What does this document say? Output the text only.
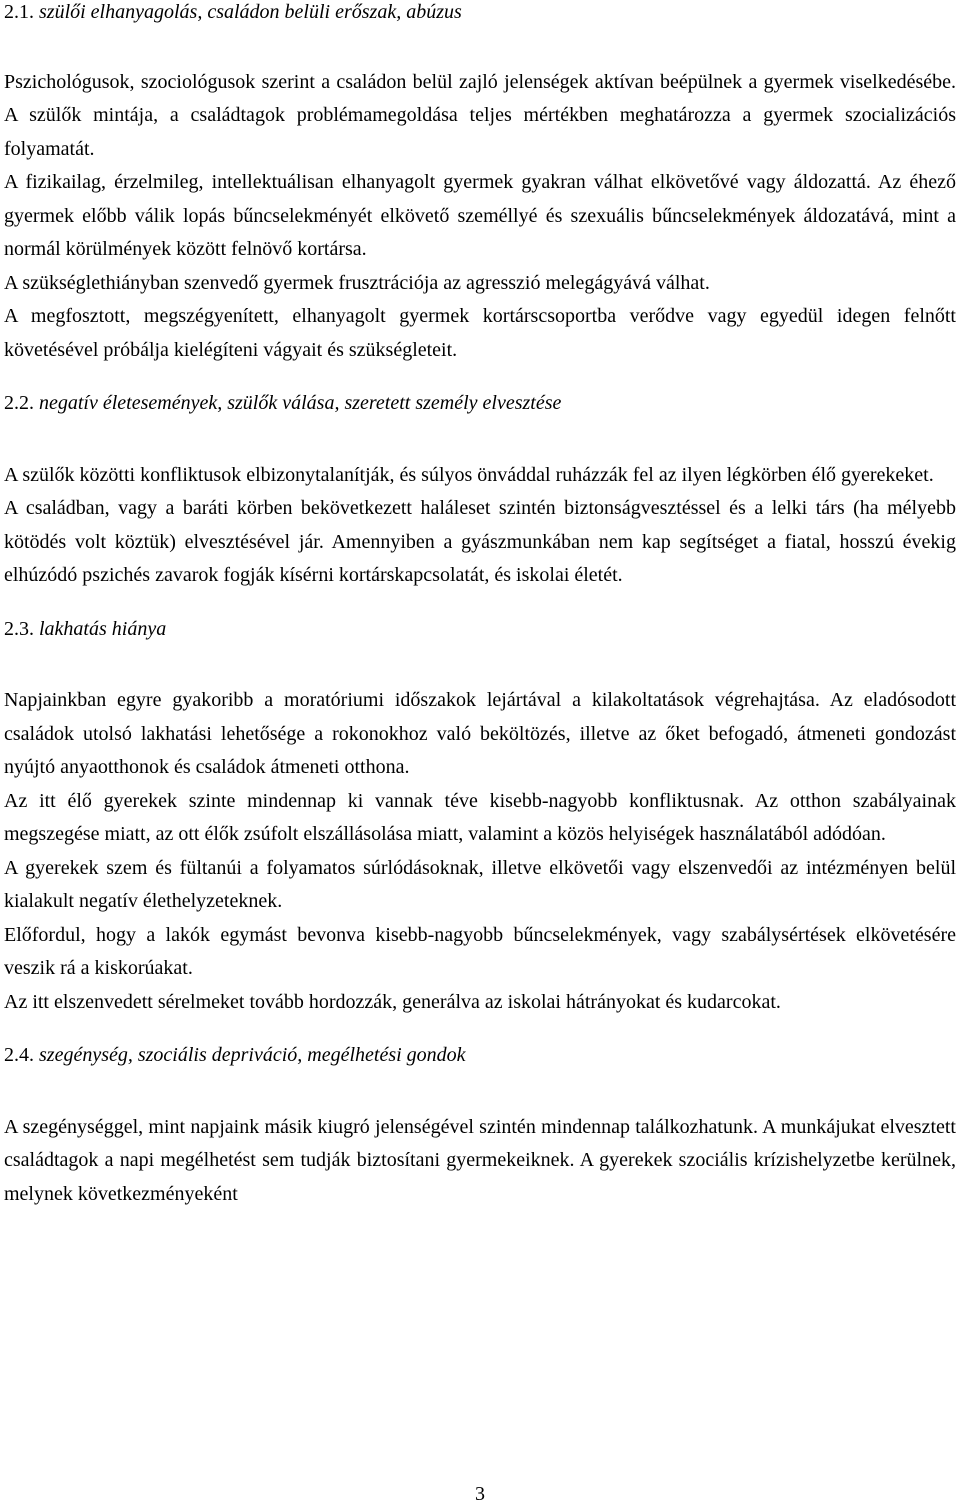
2.1. szülői elhanyagolás, családon belüli erőszak, abúzus

Pszichológusok, szociológusok szerint a családon belül zajló jelenségek aktívan beépülnek a gyermek viselkedésébe. A szülők mintája, a családtagok problémamegoldása teljes mértékben meghatározza a gyermek szocializációs folyamatát.

A fizikailag, érzelmileg, intellektuálisan elhanyagolt gyermek gyakran válhat elkövetővé vagy áldozattá. Az éhező gyermek előbb válik lopás bűncselekményét elkövető személlyé és szexuális bűncselekmények áldozatává, mint a normál körülmények között felnövő kortársa.

A szükséglethiányban szenvedő gyermek frusztrációja az agresszió melegágyává válhat.

A megfosztott, megszégyenített, elhanyagolt gyermek kortárscsoportba verődve vagy egyedül idegen felnőtt követésével próbálja kielégíteni vágyait és szükségleteit.

2.2. negatív életesemények, szülők válása, szeretett személy elvesztése

A szülők közötti konfliktusok elbizonytalanítják, és súlyos önváddal ruházzák fel az ilyen légkörben élő gyerekeket.

A családban, vagy a baráti körben bekövetkezett haláleset szintén biztonságvesztéssel és a lelki társ (ha mélyebb kötödés volt köztük) elvesztésével jár. Amennyiben a gyászmunkában nem kap segítséget a fiatal, hosszú évekig elhúzódó pszichés zavarok fogják kísérni kortárskapcsolatát, és iskolai életét.

2.3. lakhatás hiánya

Napjainkban egyre gyakoribb a moratóriumi időszakok lejártával a kilakoltatások végrehajtása. Az eladósodott családok utolsó lakhatási lehetősége a rokonokhoz való beköltözés, illetve az őket befogadó, átmeneti gondozást nyújtó anyaotthonok és családok átmeneti otthona.

Az itt élő gyerekek szinte mindennap ki vannak téve kisebb-nagyobb konfliktusnak. Az otthon szabályainak megszegése miatt, az ott élők zsúfolt elszállásolása miatt, valamint a közös helyiségek használatából adódóan.

A gyerekek szem és fültanúi a folyamatos súrlódásoknak, illetve elkövetői vagy elszenvedői az intézményen belül kialakult negatív élethelyzeteknek.

Előfordul, hogy a lakók egymást bevonva kisebb-nagyobb bűncselekmények, vagy szabálysértések elkövetésére veszik rá a kiskorúakat.

Az itt elszenvedett sérelmeket tovább hordozzák, generálva az iskolai hátrányokat és kudarcokat.

2.4. szegénység, szociális depriváció, megélhetési gondok

A szegénységgel, mint napjaink másik kiugró jelenségével szintén mindennap találkozhatunk. A munkájukat elvesztett családtagok a napi megélhetést sem tudják biztosítani gyermekeiknek. A gyerekek szociális krízishelyzetbe kerülnek, melynek következményeként

3
